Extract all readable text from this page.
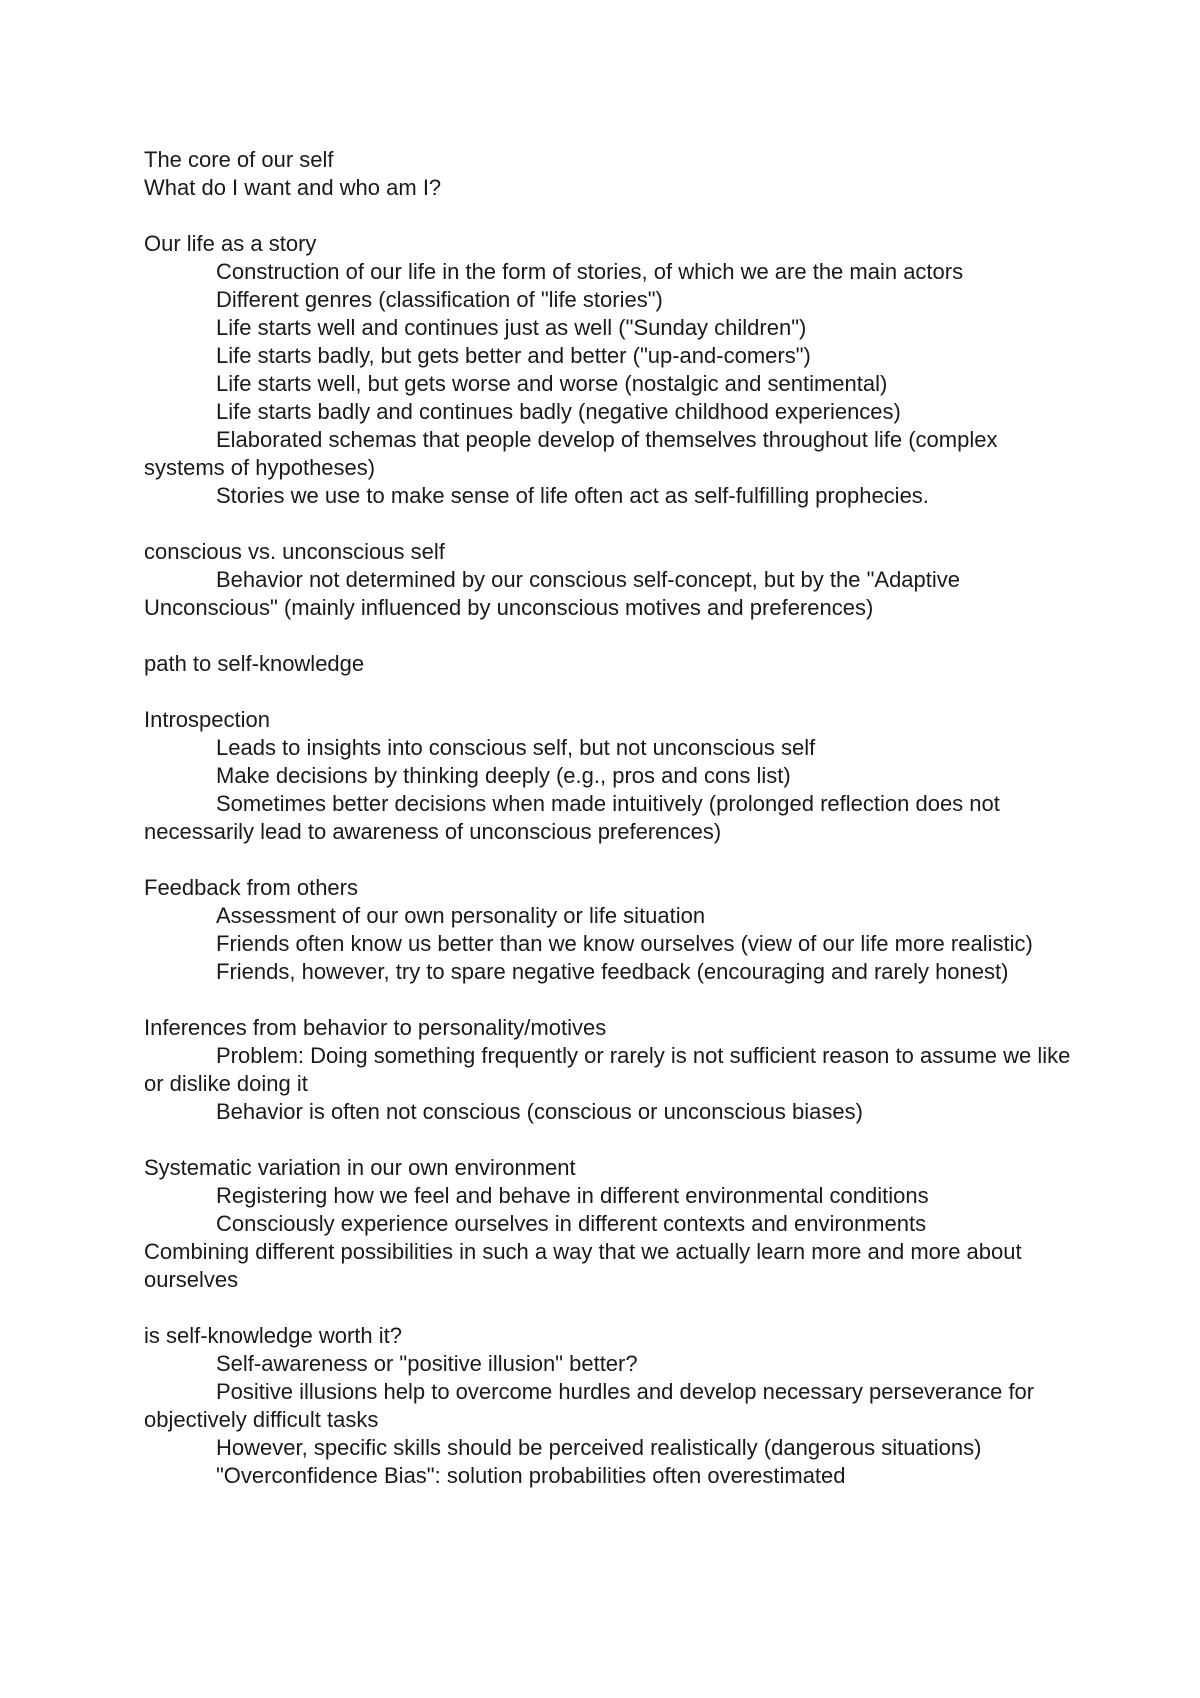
The core of our self
What do I want and who am I?
Our life as a story
Construction of our life in the form of stories, of which we are the main actors
Different genres (classification of "life stories")
Life starts well and continues just as well ("Sunday children")
Life starts badly, but gets better and better ("up-and-comers")
Life starts well, but gets worse and worse (nostalgic and sentimental)
Life starts badly and continues badly (negative childhood experiences)
Elaborated schemas that people develop of themselves throughout life (complex systems of hypotheses)
Stories we use to make sense of life often act as self-fulfilling prophecies.
conscious vs. unconscious self
Behavior not determined by our conscious self-concept, but by the "Adaptive Unconscious" (mainly influenced by unconscious motives and preferences)
path to self-knowledge
Introspection
Leads to insights into conscious self, but not unconscious self
Make decisions by thinking deeply (e.g., pros and cons list)
Sometimes better decisions when made intuitively (prolonged reflection does not necessarily lead to awareness of unconscious preferences)
Feedback from others
Assessment of our own personality or life situation
Friends often know us better than we know ourselves (view of our life more realistic)
Friends, however, try to spare negative feedback (encouraging and rarely honest)
Inferences from behavior to personality/motives
Problem: Doing something frequently or rarely is not sufficient reason to assume we like or dislike doing it
Behavior is often not conscious (conscious or unconscious biases)
Systematic variation in our own environment
Registering how we feel and behave in different environmental conditions
Consciously experience ourselves in different contexts and environments
Combining different possibilities in such a way that we actually learn more and more about ourselves
is self-knowledge worth it?
Self-awareness or "positive illusion" better?
Positive illusions help to overcome hurdles and develop necessary perseverance for objectively difficult tasks
However, specific skills should be perceived realistically (dangerous situations)
"Overconfidence Bias": solution probabilities often overestimated
